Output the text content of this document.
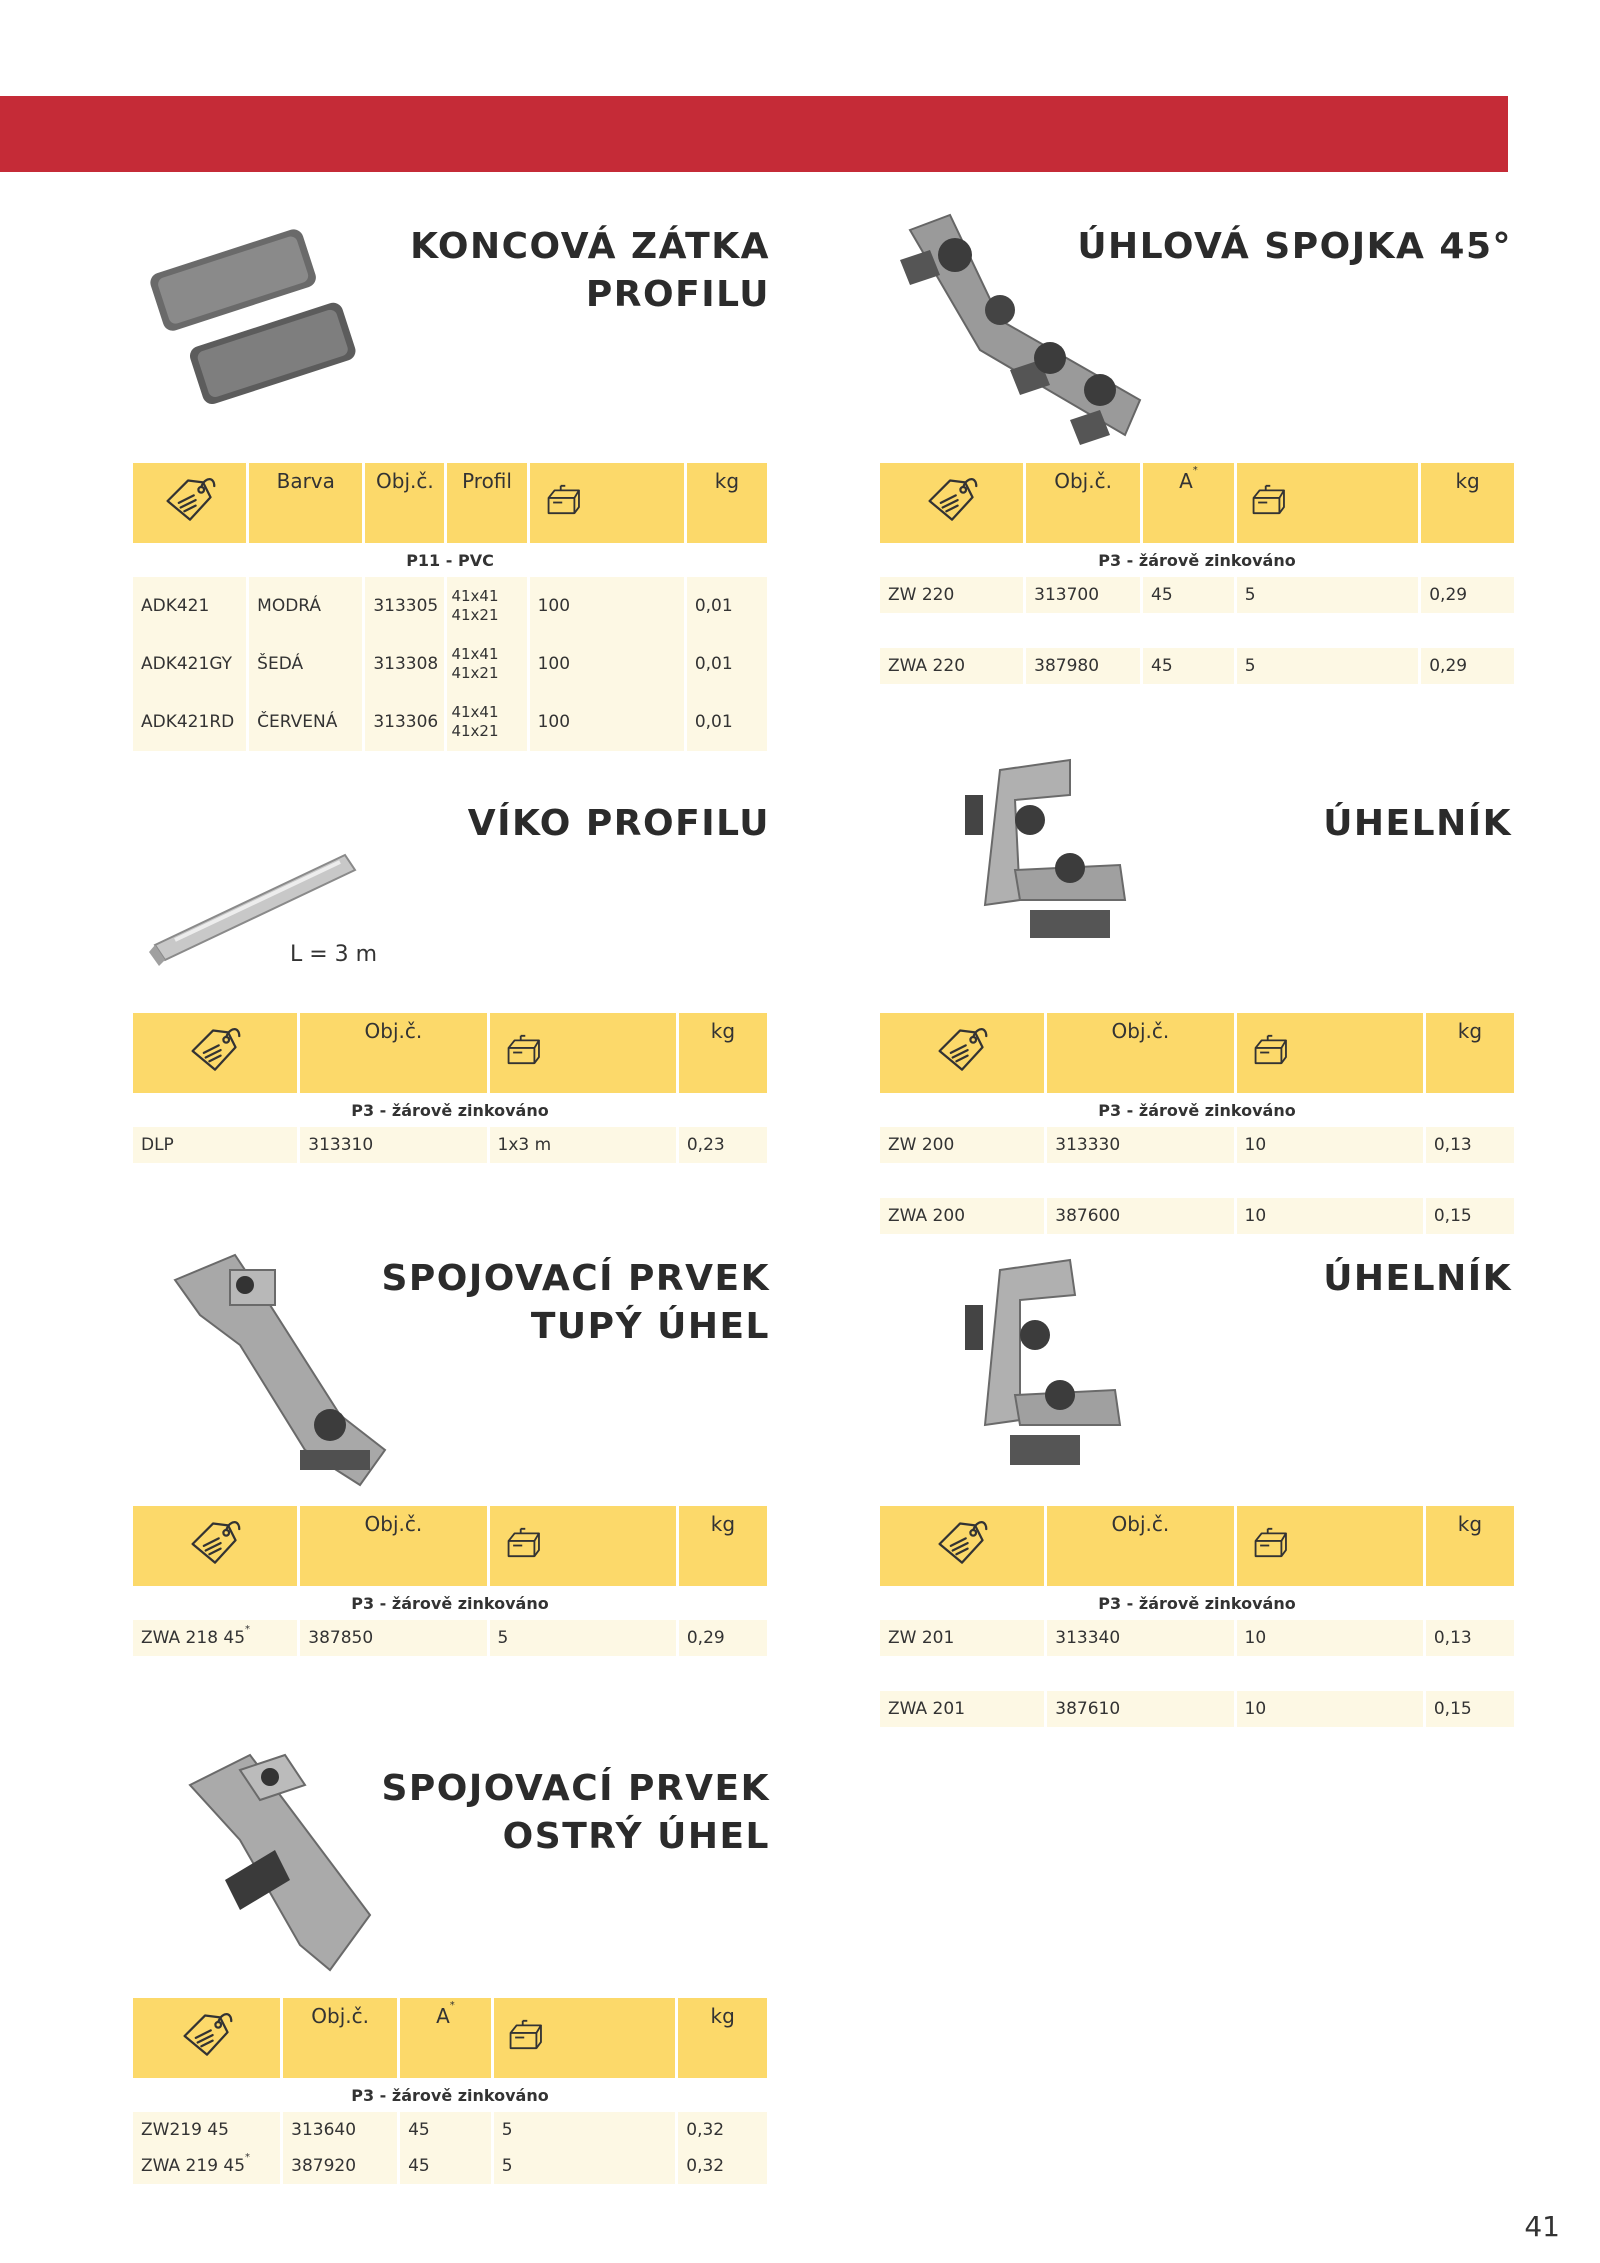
KONCOVÁ ZÁTKA
PROFILU
	Barva	Obj.č.	Profil		kg
P11 - PVC					
ADK421	MODRÁ	313305	41x41
41x21	100	0,01
ADK421GY	ŠEDÁ	313308	41x41
41x21	100	0,01
ADK421RD	ČERVENÁ	313306	41x41
41x21	100	0,01
ÚHLOVÁ SPOJKA 45°
	Obj.č.	A*		kg
P3 - žárově zinkováno				
ZW 220	313700	45	5	0,29

ZWA 220	387980	45	5	0,29
L = 3 m
VÍKO PROFILU
	Obj.č.		kg
P3 - žárově zinkováno			
DLP	313310	1x3 m	0,23
ÚHELNÍK
	Obj.č.		kg
P3 - žárově zinkováno			
ZW 200	313330	10	0,13

ZWA 200	387600	10	0,15
SPOJOVACÍ PRVEK
TUPÝ ÚHEL
	Obj.č.		kg
P3 - žárově zinkováno			
ZWA 218 45*	387850	5	0,29
ÚHELNÍK
	Obj.č.		kg
P3 - žárově zinkováno			
ZW 201	313340	10	0,13

ZWA 201	387610	10	0,15
SPOJOVACÍ PRVEK
OSTRÝ ÚHEL
	Obj.č.	A*		kg
P3 - žárově zinkováno				
ZW219 45	313640	45	5	0,32
ZWA 219 45*	387920	45	5	0,32
41
